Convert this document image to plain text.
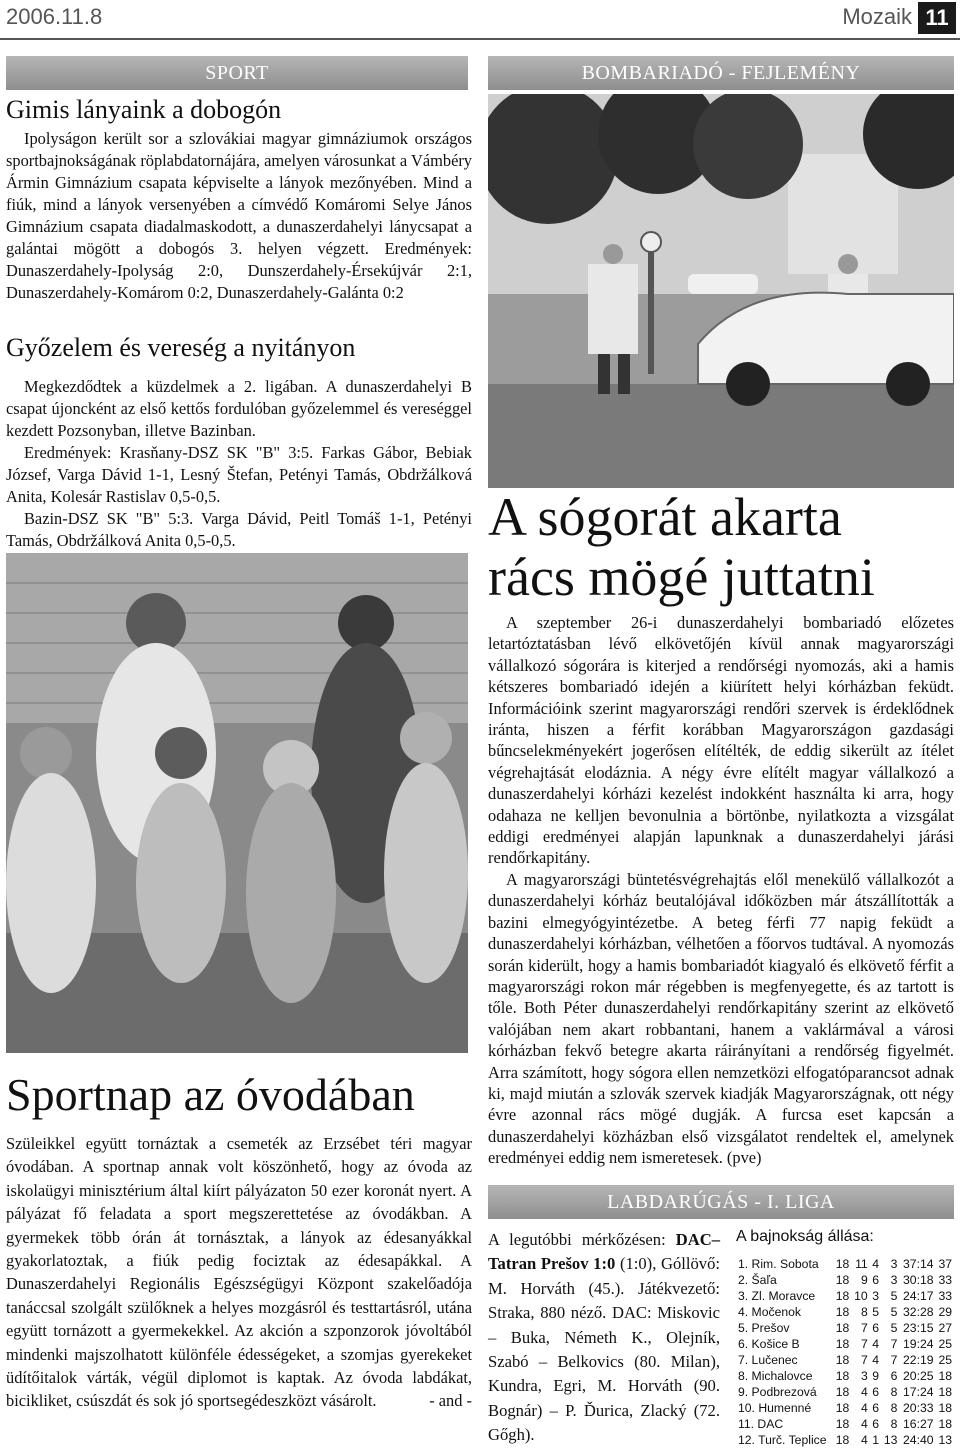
2006.11.8	Mozaik 11
SPORT
Gimis lányaink a dobogón

Ipolyságon került sor a szlovákiai magyar gimnáziumok országos sportbajnokságának röplabdatornájára, amelyen városunkat a Vámbéry Ármin Gimnázium csapata képviselte a lányok mezőnyében. Mind a fiúk, mind a lányok versenyében a címvédő Komáromi Selye János Gimnázium csapata diadalmaskodott, a dunaszerdahelyi lánycsapat a galántai mögött a dobogós 3. helyen végzett. Eredmények: Dunaszerdahely-Ipolyság 2:0, Dunszerdahely-Érsekújvár 2:1, Dunaszerdahely-Komárom 0:2, Dunaszerdahely-Galánta 0:2

Győzelem és vereség a nyitányon

Megkezdődtek a küzdelmek a 2. ligában. A dunaszerdahelyi B csapat újoncként az első kettős fordulóban győzelemmel és vereséggel kezdett Pozsonyban, illetve Bazinban.

Eredmények: Krasňany-DSZ SK "B" 3:5. Farkas Gábor, Bebiak József, Varga Dávid 1-1, Lesný Štefan, Petényi Tamás, Obdržálková Anita, Kolesár Rastislav 0,5-0,5.

Bazin-DSZ SK "B" 5:3. Varga Dávid, Peitl Tomáš 1-1, Petényi Tamás, Obdržálková Anita 0,5-0,5.

Sportnap az óvodában

Szüleikkel együtt tornáztak a csemeték az Erzsébet téri magyar óvodában. A sportnap annak volt köszönhető, hogy az óvoda az iskolaügyi minisztérium által kiírt pályázaton 50 ezer koronát nyert. A pályázat fő feladata a sport megszerettetése az óvodákban. A gyermekek több órán át tornásztak, a lányok az édesanyákkal gyakorlatoztak, a fiúk pedig fociztak az édesapákkal. A Dunaszerdahelyi Regionális Egészségügyi Központ szakelőadója tanáccsal szolgált szülőknek a helyes mozgásról és testtartásról, utána együtt tornázott a gyermekekkel. Az akción a szponzorok jóvoltából mindenki majszolhatott különféle édességeket, a szomjas gyerekeket üdítőitalok várták, végül diplomot is kaptak. Az óvoda labdákat, bicikliket, csúszdát és sok jó sportsegédeszközt vásárolt.	- and -

BOMBARIADÓ - FEJLEMÉNY
A sógorát akarta
rács mögé juttatni

A szeptember 26-i dunaszerdahelyi bombariadó előzetes letartóztatásban lévő elkövetőjén kívül annak magyarországi vállalkozó sógorára is kiterjed a rendőrségi nyomozás, aki a hamis kétszeres bombariadó idején a kiürített helyi kórházban feküdt. Információink szerint magyarországi rendőri szervek is érdeklődnek iránta, hiszen a férfit korábban Magyarországon gazdasági bűncselekményekért jogerősen elítélték, de eddig sikerült az ítélet végrehajtását elodáznia. A négy évre elítélt magyar vállalkozó a dunaszerdahelyi kórházi kezelést indokként használta ki arra, hogy odahaza ne kelljen bevonulnia a börtönbe, nyilatkozta a vizsgálat eddigi eredményei alapján lapunknak a dunaszerdahelyi járási rendőrkapitány.

A magyarországi büntetésvégrehajtás elől menekülő vállalkozót a dunaszerdahelyi kórház beutalójával időközben már átszállították a bazini elmegyógyintézetbe. A beteg férfi 77 napig feküdt a dunaszerdahelyi kórházban, vélhetően a főorvos tudtával. A nyomozás során kiderült, hogy a hamis bombariadót kiagyaló és elkövető férfit a magyarországi rokon már régebben is megfenyegette, és az tartott is tőle. Both Péter dunaszerdahelyi rendőrkapitány szerint az elkövető valójában nem akart robbantani, hanem a vaklármával a városi kórházban fekvő betegre akarta ráirányítani a rendőrség figyelmét. Arra számított, hogy sógora ellen nemzetközi elfogatóparancsot adnak ki, majd miután a szlovák szervek kiadják Magyarországnak, ott négy évre azonnal rács mögé dugják. A furcsa eset kapcsán a dunaszerdahelyi közházban első vizsgálatot rendeltek el, amelynek eredményei eddig nem ismeretesek. (pve)

LABDARÚGÁS - I. LIGA

A legutóbbi mérkőzésen: DAC–Tatran Prešov 1:0 (1:0), Góllövő: M. Horváth (45.). Játékvezető: Straka, 880 néző. DAC: Miskovic – Buka, Németh K., Olejník, Szabó – Belkovics (80. Milan), Kundra, Egri, M. Horváth (90. Bognár) – P. Ďurica, Zlacký (72. Gőgh).

A bajnokság állása:
1. Rim. Sobota	18	11	4	3	37:14	37
2. Šaľa	18	9	6	3	30:18	33
3. Zl. Moravce	18	10	3	5	24:17	33
4. Močenok	18	8	5	5	32:28	29
5. Prešov	18	7	6	5	23:15	27
6. Košice B	18	7	4	7	19:24	25
7. Lučenec	18	7	4	7	22:19	25
8. Michalovce	18	3	9	6	20:25	18
9. Podbrezová	18	4	6	8	17:24	18
10. Humenné	18	4	6	8	20:33	18
11. DAC	18	4	6	8	16:27	18
12. Turč. Teplice	18	4	1	13	24:40	13
